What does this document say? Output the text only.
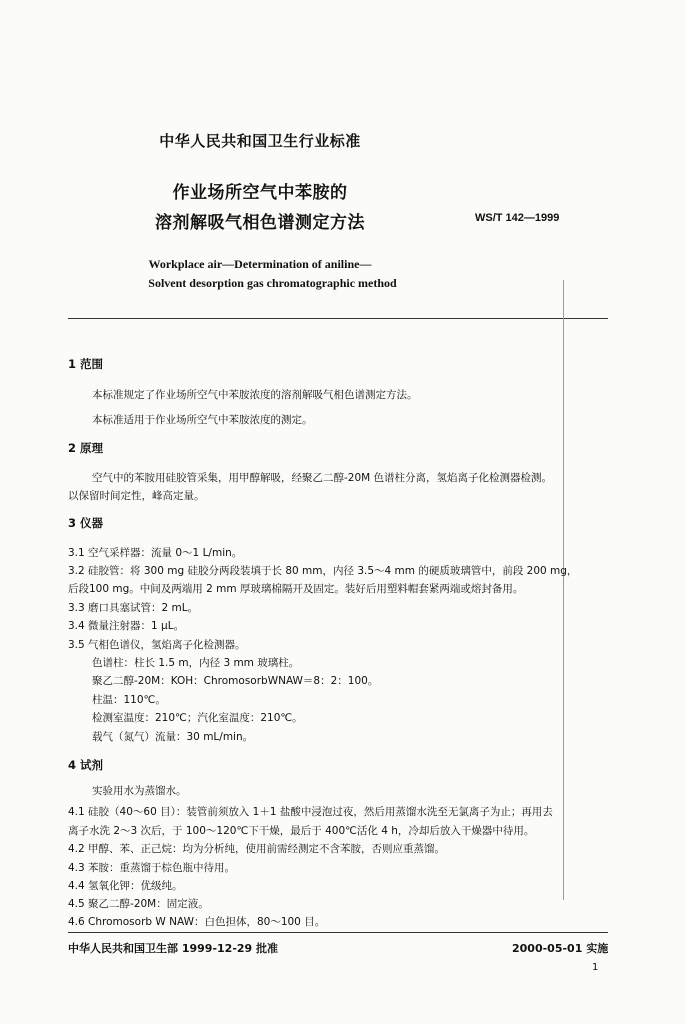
中华人民共和国卫生行业标准
作业场所空气中苯胺的
溶剂解吸气相色谱测定方法	WS/T 142—1999
Workplace air—Determination of aniline—
Solvent desorption gas chromatographic method
1 范围
本标准规定了作业场所空气中苯胺浓度的溶剂解吸气相色谱测定方法。
本标准适用于作业场所空气中苯胺浓度的测定。
2 原理
空气中的苯胺用硅胶管采集，用甲醇解吸，经聚乙二醇-20M 色谱柱分离，氢焰离子化检测器检测。
以保留时间定性，峰高定量。
3 仪器
3.1 空气采样器：流量 0～1 L/min。
3.2 硅胶管：将 300 mg 硅胶分两段装填于长 80 mm，内径 3.5～4 mm 的硬质玻璃管中，前段 200 mg，
后段100 mg。中间及两端用 2 mm 厚玻璃棉隔开及固定。装好后用塑料帽套紧两端或熔封备用。
3.3 磨口具塞试管：2 mL。
3.4 微量注射器：1 μL。
3.5 气相色谱仪，氢焰离子化检测器。
色谱柱：柱长 1.5 m，内径 3 mm 玻璃柱。
聚乙二醇-20M：KOH：ChromosorbWNAW＝8：2：100。
柱温：110℃。
检测室温度：210℃；汽化室温度：210℃。
载气（氮气）流量：30 mL/min。
4 试剂
实验用水为蒸馏水。
4.1 硅胶（40～60 目）：装管前须放入 1＋1 盐酸中浸泡过夜，然后用蒸馏水洗至无氯离子为止；再用去
离子水洗 2～3 次后，于 100～120℃下干燥，最后于 400℃活化 4 h，冷却后放入干燥器中待用。
4.2 甲醇、苯、正己烷：均为分析纯，使用前需经测定不含苯胺，否则应重蒸馏。
4.3 苯胺：重蒸馏于棕色瓶中待用。
4.4 氢氧化钾：优级纯。
4.5 聚乙二醇-20M：固定液。
4.6 Chromosorb W NAW：白色担体，80～100 目。
中华人民共和国卫生部 1999-12-29 批准	2000-05-01 实施
1
